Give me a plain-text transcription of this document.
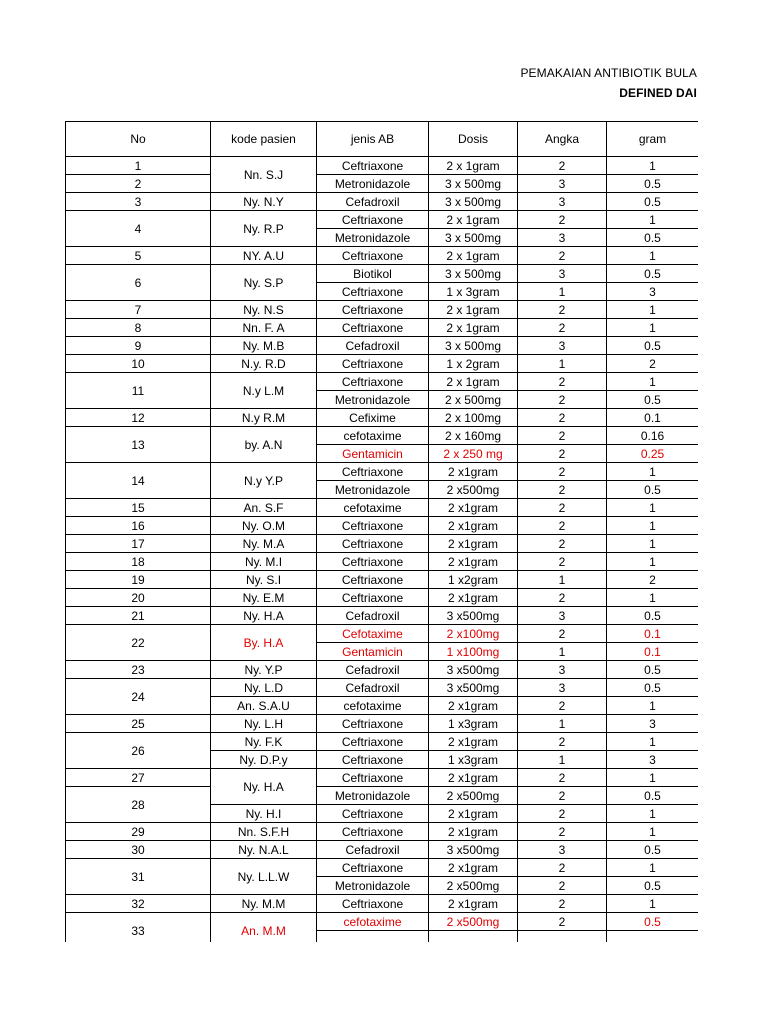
PEMAKAIAN ANTIBIOTIK BULA
DEFINED DAI
No	kode pasien	jenis AB	Dosis	Angka	gram
1	Nn. S.J	Ceftriaxone	2 x 1gram	2	1
2		Metronidazole	3 x 500mg	3	0.5
3	Ny. N.Y	Cefadroxil	3 x 500mg	3	0.5
4	Ny. R.P	Ceftriaxone	2 x 1gram	2	1
		Metronidazole	3 x 500mg	3	0.5
5	NY. A.U	Ceftriaxone	2 x 1gram	2	1
6	Ny. S.P	Biotikol	3 x 500mg	3	0.5
		Ceftriaxone	1 x 3gram	1	3
7	Ny. N.S	Ceftriaxone	2 x 1gram	2	1
8	Nn. F. A	Ceftriaxone	2 x 1gram	2	1
9	Ny. M.B	Cefadroxil	3 x 500mg	3	0.5
10	N.y. R.D	Ceftriaxone	1 x 2gram	1	2
11	N.y L.M	Ceftriaxone	2 x 1gram	2	1
		Metronidazole	2 x 500mg	2	0.5
12	N.y R.M	Cefixime	2 x 100mg	2	0.1
13	by. A.N	cefotaxime	2 x 160mg	2	0.16
		Gentamicin	2 x 250 mg	2	0.25
14	N.y Y.P	Ceftriaxone	2 x1gram	2	1
		Metronidazole	2 x500mg	2	0.5
15	An. S.F	cefotaxime	2 x1gram	2	1
16	Ny. O.M	Ceftriaxone	2 x1gram	2	1
17	Ny. M.A	Ceftriaxone	2 x1gram	2	1
18	Ny. M.I	Ceftriaxone	2 x1gram	2	1
19	Ny. S.I	Ceftriaxone	1 x2gram	1	2
20	Ny. E.M	Ceftriaxone	2 x1gram	2	1
21	Ny. H.A	Cefadroxil	3 x500mg	3	0.5
22	By. H.A	Cefotaxime	2 x100mg	2	0.1
		Gentamicin	1 x100mg	1	0.1
23	Ny. Y.P	Cefadroxil	3 x500mg	3	0.5
24	Ny. L.D	Cefadroxil	3 x500mg	3	0.5
	An. S.A.U	cefotaxime	2 x1gram	2	1
25	Ny. L.H	Ceftriaxone	1 x3gram	1	3
26	Ny. F.K	Ceftriaxone	2 x1gram	2	1
	Ny. D.P.y	Ceftriaxone	1 x3gram	1	3
27	Ny. H.A	Ceftriaxone	2 x1gram	2	1
28		Metronidazole	2 x500mg	2	0.5
	Ny. H.I	Ceftriaxone	2 x1gram	2	1
29	Nn. S.F.H	Ceftriaxone	2 x1gram	2	1
30	Ny. N.A.L	Cefadroxil	3 x500mg	3	0.5
31	Ny. L.L.W	Ceftriaxone	2 x1gram	2	1
		Metronidazole	2 x500mg	2	0.5
32	Ny. M.M	Ceftriaxone	2 x1gram	2	1
33	An. M.M	cefotaxime	2 x500mg	2	0.5
